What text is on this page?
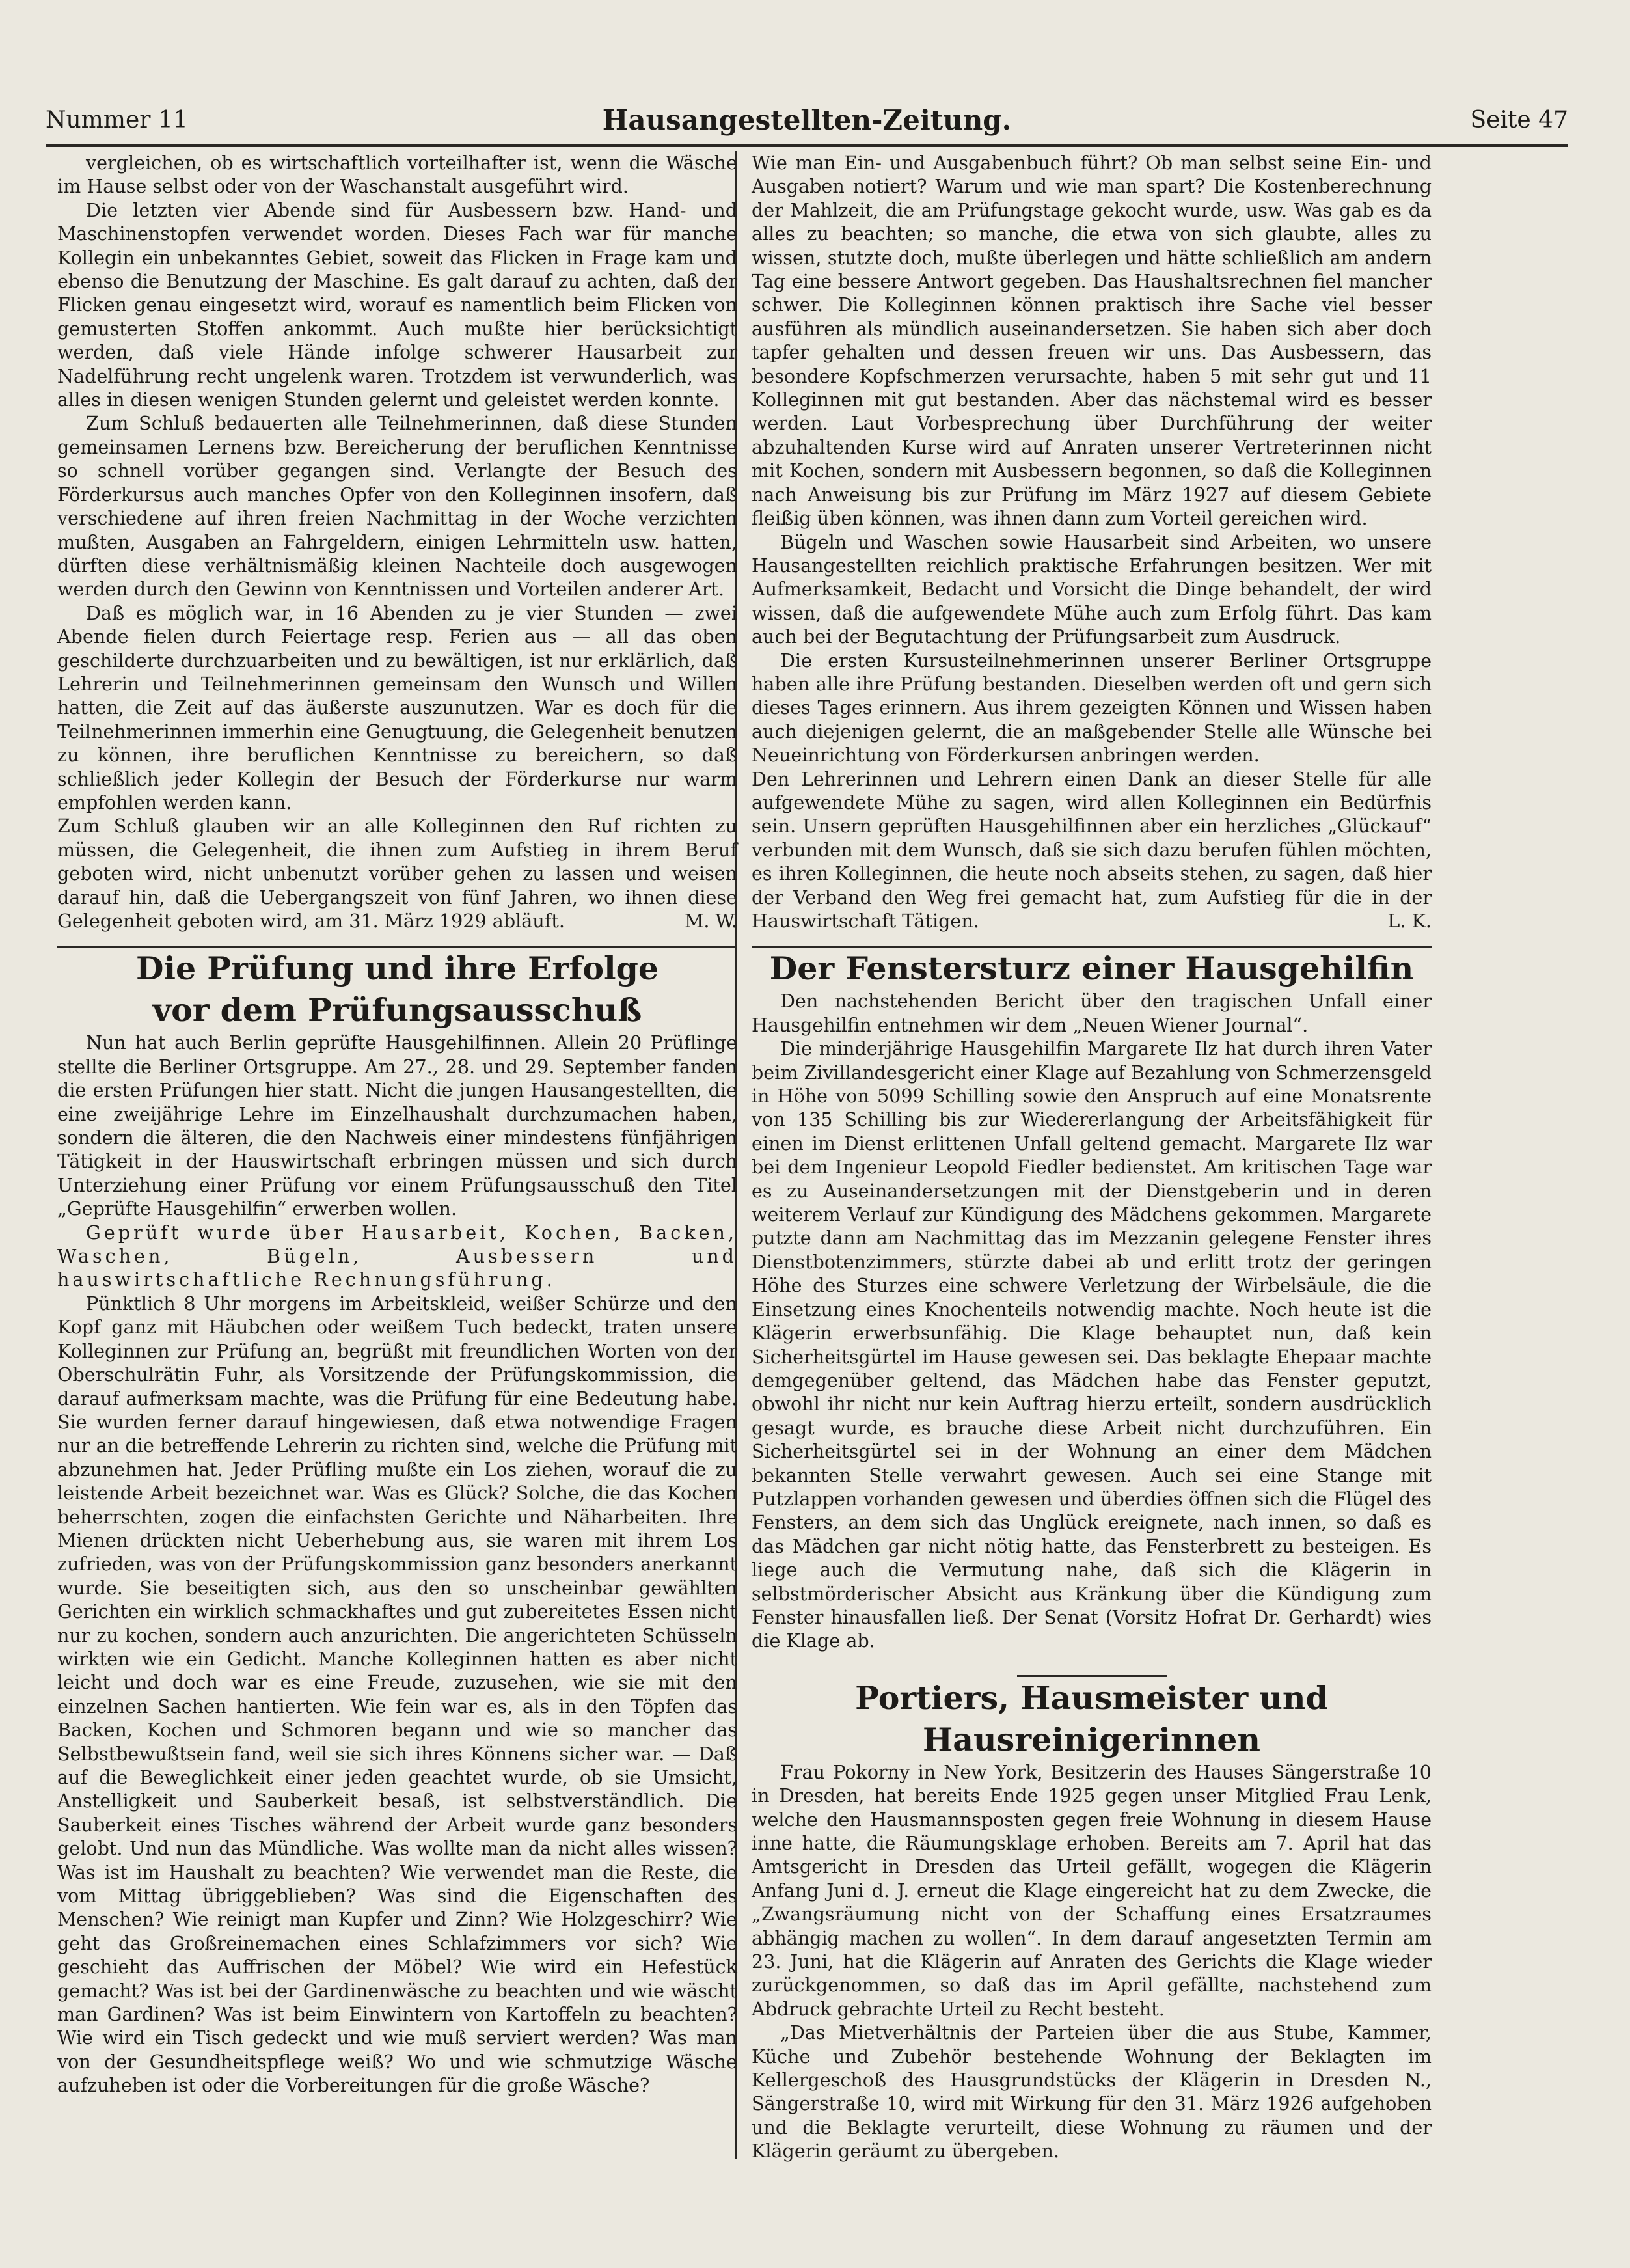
Nummer 11	Hausangestellten-Zeitung.	Seite 47

vergleichen, ob es wirtschaftlich vorteilhafter ist, wenn die Wäsche im Hause selbst oder von der Waschanstalt ausgeführt wird.

Die letzten vier Abende sind für Ausbessern bzw. Hand- und Maschinenstopfen verwendet worden. Dieses Fach war für manche Kollegin ein unbekanntes Gebiet, soweit das Flicken in Frage kam und ebenso die Benutzung der Maschine. Es galt darauf zu achten, daß der Flicken genau eingesetzt wird, worauf es namentlich beim Flicken von gemusterten Stoffen ankommt. Auch mußte hier berücksichtigt werden, daß viele Hände infolge schwerer Hausarbeit zur Nadelführung recht ungelenk waren. Trotzdem ist verwunderlich, was alles in diesen wenigen Stunden gelernt und geleistet werden konnte.

Zum Schluß bedauerten alle Teilnehmerinnen, daß diese Stunden gemeinsamen Lernens bzw. Bereicherung der beruflichen Kenntnisse so schnell vorüber gegangen sind. Verlangte der Besuch des Förderkursus auch manches Opfer von den Kolleginnen insofern, daß verschiedene auf ihren freien Nachmittag in der Woche verzichten mußten, Ausgaben an Fahrgeldern, einigen Lehrmitteln usw. hatten, dürften diese verhältnismäßig kleinen Nachteile doch ausgewogen werden durch den Gewinn von Kenntnissen und Vorteilen anderer Art.

Daß es möglich war, in 16 Abenden zu je vier Stunden — zwei Abende fielen durch Feiertage resp. Ferien aus — all das oben geschilderte durchzuarbeiten und zu bewältigen, ist nur erklärlich, daß Lehrerin und Teilnehmerinnen gemeinsam den Wunsch und Willen hatten, die Zeit auf das äußerste auszunutzen. War es doch für die Teilnehmerinnen immerhin eine Genugtuung, die Gelegenheit benutzen zu können, ihre beruflichen Kenntnisse zu bereichern, so daß schließlich jeder Kollegin der Besuch der Förderkurse nur warm empfohlen werden kann.

Zum Schluß glauben wir an alle Kolleginnen den Ruf richten zu müssen, die Gelegenheit, die ihnen zum Aufstieg in ihrem Beruf geboten wird, nicht unbenutzt vorüber gehen zu lassen und weisen darauf hin, daß die Uebergangszeit von fünf Jahren, wo ihnen diese Gelegenheit geboten wird, am 31. März 1929 abläuft.	M. W.

Die Prüfung und ihre Erfolge
vor dem Prüfungsausschuß

Nun hat auch Berlin geprüfte Hausgehilfinnen. Allein 20 Prüflinge stellte die Berliner Ortsgruppe. Am 27., 28. und 29. September fanden die ersten Prüfungen hier statt. Nicht die jungen Hausangestellten, die eine zweijährige Lehre im Einzelhaushalt durchzumachen haben, sondern die älteren, die den Nachweis einer mindestens fünfjährigen Tätigkeit in der Hauswirtschaft erbringen müssen und sich durch Unterziehung einer Prüfung vor einem Prüfungsausschuß den Titel „Geprüfte Hausgehilfin“ erwerben wollen.

Geprüft wurde über Hausarbeit, Kochen, Backen, Waschen, Bügeln, Ausbessern und hauswirtschaftliche Rechnungsführung.

Pünktlich 8 Uhr morgens im Arbeitskleid, weißer Schürze und den Kopf ganz mit Häubchen oder weißem Tuch bedeckt, traten unsere Kolleginnen zur Prüfung an, begrüßt mit freundlichen Worten von der Oberschulrätin Fuhr, als Vorsitzende der Prüfungskommission, die darauf aufmerksam machte, was die Prüfung für eine Bedeutung habe. Sie wurden ferner darauf hingewiesen, daß etwa notwendige Fragen nur an die betreffende Lehrerin zu richten sind, welche die Prüfung mit abzunehmen hat. Jeder Prüfling mußte ein Los ziehen, worauf die zu leistende Arbeit bezeichnet war. Was es Glück? Solche, die das Kochen beherrschten, zogen die einfachsten Gerichte und Näharbeiten. Ihre Mienen drückten nicht Ueberhebung aus, sie waren mit ihrem Los zufrieden, was von der Prüfungskommission ganz besonders anerkannt wurde. Sie beseitigten sich, aus den so unscheinbar gewählten Gerichten ein wirklich schmackhaftes und gut zubereitetes Essen nicht nur zu kochen, sondern auch anzurichten. Die angerichteten Schüsseln wirkten wie ein Gedicht. Manche Kolleginnen hatten es aber nicht leicht und doch war es eine Freude, zuzusehen, wie sie mit den einzelnen Sachen hantierten. Wie fein war es, als in den Töpfen das Backen, Kochen und Schmoren begann und wie so mancher das Selbstbewußtsein fand, weil sie sich ihres Könnens sicher war. — Daß auf die Beweglichkeit einer jeden geachtet wurde, ob sie Umsicht, Anstelligkeit und Sauberkeit besaß, ist selbstverständlich. Die Sauberkeit eines Tisches während der Arbeit wurde ganz besonders gelobt. Und nun das Mündliche. Was wollte man da nicht alles wissen? Was ist im Haushalt zu beachten? Wie verwendet man die Reste, die vom Mittag übriggeblieben? Was sind die Eigenschaften des Menschen? Wie reinigt man Kupfer und Zinn? Wie Holzgeschirr? Wie geht das Großreinemachen eines Schlafzimmers vor sich? Wie geschieht das Auffrischen der Möbel? Wie wird ein Hefestück gemacht? Was ist bei der Gardinenwäsche zu beachten und wie wäscht man Gardinen? Was ist beim Einwintern von Kartoffeln zu beachten? Wie wird ein Tisch gedeckt und wie muß serviert werden? Was man von der Gesundheitspflege weiß? Wo und wie schmutzige Wäsche aufzuheben ist oder die Vorbereitungen für die große Wäsche?

Wie man Ein- und Ausgabenbuch führt? Ob man selbst seine Ein- und Ausgaben notiert? Warum und wie man spart? Die Kostenberechnung der Mahlzeit, die am Prüfungstage gekocht wurde, usw. Was gab es da alles zu beachten; so manche, die etwa von sich glaubte, alles zu wissen, stutzte doch, mußte überlegen und hätte schließlich am andern Tag eine bessere Antwort gegeben. Das Haushaltsrechnen fiel mancher schwer. Die Kolleginnen können praktisch ihre Sache viel besser ausführen als mündlich auseinandersetzen. Sie haben sich aber doch tapfer gehalten und dessen freuen wir uns. Das Ausbessern, das besondere Kopfschmerzen verursachte, haben 5 mit sehr gut und 11 Kolleginnen mit gut bestanden. Aber das nächstemal wird es besser werden. Laut Vorbesprechung über Durchführung der weiter abzuhaltenden Kurse wird auf Anraten unserer Vertreterinnen nicht mit Kochen, sondern mit Ausbessern begonnen, so daß die Kolleginnen nach Anweisung bis zur Prüfung im März 1927 auf diesem Gebiete fleißig üben können, was ihnen dann zum Vorteil gereichen wird.

Bügeln und Waschen sowie Hausarbeit sind Arbeiten, wo unsere Hausangestellten reichlich praktische Erfahrungen besitzen. Wer mit Aufmerksamkeit, Bedacht und Vorsicht die Dinge behandelt, der wird wissen, daß die aufgewendete Mühe auch zum Erfolg führt. Das kam auch bei der Begutachtung der Prüfungsarbeit zum Ausdruck.

Die ersten Kursusteilnehmerinnen unserer Berliner Ortsgruppe haben alle ihre Prüfung bestanden. Dieselben werden oft und gern sich dieses Tages erinnern. Aus ihrem gezeigten Können und Wissen haben auch diejenigen gelernt, die an maßgebender Stelle alle Wünsche bei Neueinrichtung von Förderkursen anbringen werden.

Den Lehrerinnen und Lehrern einen Dank an dieser Stelle für alle aufgewendete Mühe zu sagen, wird allen Kolleginnen ein Bedürfnis sein. Unsern geprüften Hausgehilfinnen aber ein herzliches „Glückauf“ verbunden mit dem Wunsch, daß sie sich dazu berufen fühlen möchten, es ihren Kolleginnen, die heute noch abseits stehen, zu sagen, daß hier der Verband den Weg frei gemacht hat, zum Aufstieg für die in der Hauswirtschaft Tätigen.	L. K.

Der Fenstersturz einer Hausgehilfin

Den nachstehenden Bericht über den tragischen Unfall einer Hausgehilfin entnehmen wir dem „Neuen Wiener Journal“.

Die minderjährige Hausgehilfin Margarete Ilz hat durch ihren Vater beim Zivillandesgericht einer Klage auf Bezahlung von Schmerzensgeld in Höhe von 5099 Schilling sowie den Anspruch auf eine Monatsrente von 135 Schilling bis zur Wiedererlangung der Arbeitsfähigkeit für einen im Dienst erlittenen Unfall geltend gemacht. Margarete Ilz war bei dem Ingenieur Leopold Fiedler bedienstet. Am kritischen Tage war es zu Auseinandersetzungen mit der Dienstgeberin und in deren weiterem Verlauf zur Kündigung des Mädchens gekommen. Margarete putzte dann am Nachmittag das im Mezzanin gelegene Fenster ihres Dienstbotenzimmers, stürzte dabei ab und erlitt trotz der geringen Höhe des Sturzes eine schwere Verletzung der Wirbelsäule, die die Einsetzung eines Knochenteils notwendig machte. Noch heute ist die Klägerin erwerbsunfähig. Die Klage behauptet nun, daß kein Sicherheitsgürtel im Hause gewesen sei. Das beklagte Ehepaar machte demgegenüber geltend, das Mädchen habe das Fenster geputzt, obwohl ihr nicht nur kein Auftrag hierzu erteilt, sondern ausdrücklich gesagt wurde, es brauche diese Arbeit nicht durchzuführen. Ein Sicherheitsgürtel sei in der Wohnung an einer dem Mädchen bekannten Stelle verwahrt gewesen. Auch sei eine Stange mit Putzlappen vorhanden gewesen und überdies öffnen sich die Flügel des Fensters, an dem sich das Unglück ereignete, nach innen, so daß es das Mädchen gar nicht nötig hatte, das Fensterbrett zu besteigen. Es liege auch die Vermutung nahe, daß sich die Klägerin in selbstmörderischer Absicht aus Kränkung über die Kündigung zum Fenster hinausfallen ließ. Der Senat (Vorsitz Hofrat Dr. Gerhardt) wies die Klage ab.

Portiers, Hausmeister und Hausreinigerinnen

Frau Pokorny in New York, Besitzerin des Hauses Sängerstraße 10 in Dresden, hat bereits Ende 1925 gegen unser Mitglied Frau Lenk, welche den Hausmannsposten gegen freie Wohnung in diesem Hause inne hatte, die Räumungsklage erhoben. Bereits am 7. April hat das Amtsgericht in Dresden das Urteil gefällt, wogegen die Klägerin Anfang Juni d. J. erneut die Klage eingereicht hat zu dem Zwecke, die „Zwangsräumung nicht von der Schaffung eines Ersatzraumes abhängig machen zu wollen“. In dem darauf angesetzten Termin am 23. Juni, hat die Klägerin auf Anraten des Gerichts die Klage wieder zurückgenommen, so daß das im April gefällte, nachstehend zum Abdruck gebrachte Urteil zu Recht besteht.

„Das Mietverhältnis der Parteien über die aus Stube, Kammer, Küche und Zubehör bestehende Wohnung der Beklagten im Kellergeschoß des Hausgrundstücks der Klägerin in Dresden N., Sängerstraße 10, wird mit Wirkung für den 31. März 1926 aufgehoben und die Beklagte verurteilt, diese Wohnung zu räumen und der Klägerin geräumt zu übergeben.
